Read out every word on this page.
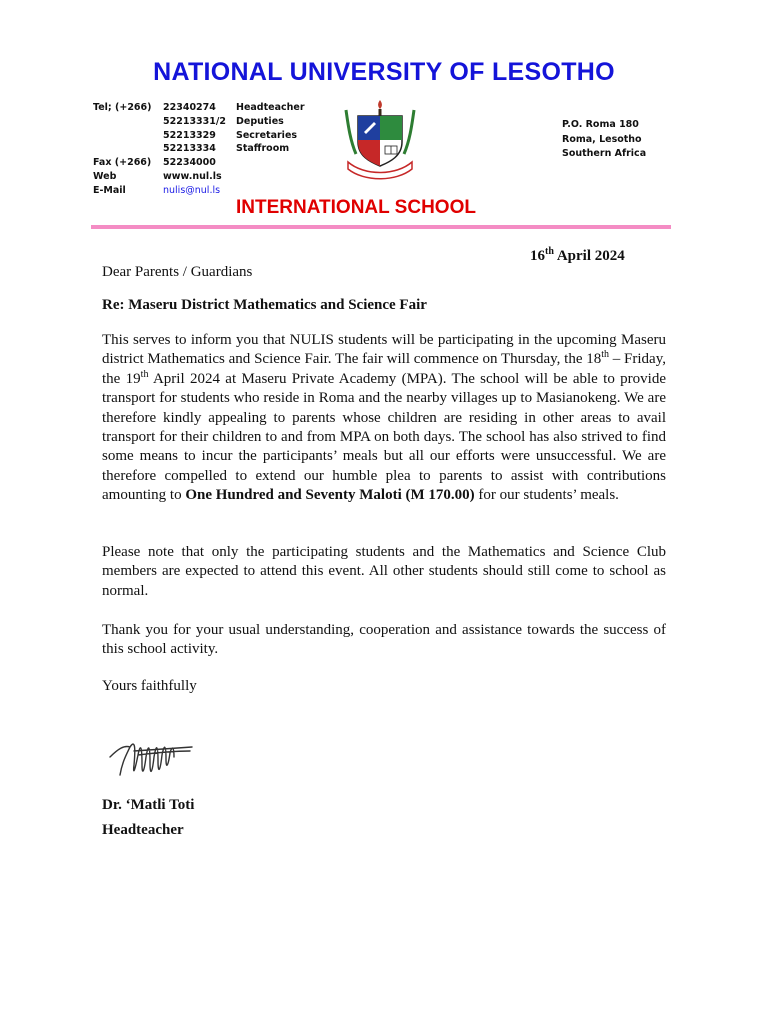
NATIONAL UNIVERSITY OF LESOTHO
Tel; (+266) 22340274 Headteacher
52213331/2 Deputies
52213329 Secretaries
52213334 Staffroom
Fax (+266) 52234000
Web	www.nul.ls
E-Mail	nulis@nul.ls
P.O. Roma 180
Roma, Lesotho
Southern Africa
INTERNATIONAL SCHOOL
16th April 2024
Dear Parents / Guardians
Re: Maseru District Mathematics and Science Fair

This serves to inform you that NULIS students will be participating in the upcoming Maseru district Mathematics and Science Fair. The fair will commence on Thursday, the 18th – Friday, the 19th April 2024 at Maseru Private Academy (MPA). The school will be able to provide transport for students who reside in Roma and the nearby villages up to Masianokeng. We are therefore kindly appealing to parents whose children are residing in other areas to avail transport for their children to and from MPA on both days. The school has also strived to find some means to incur the participants’ meals but all our efforts were unsuccessful. We are therefore compelled to extend our humble plea to parents to assist with contributions amounting to One Hundred and Seventy Maloti (M 170.00) for our students’ meals.

Please note that only the participating students and the Mathematics and Science Club members are expected to attend this event. All other students should still come to school as normal.

Thank you for your usual understanding, cooperation and assistance towards the success of this school activity.

Yours faithfully
Dr. ‘Matli Toti
Headteacher
